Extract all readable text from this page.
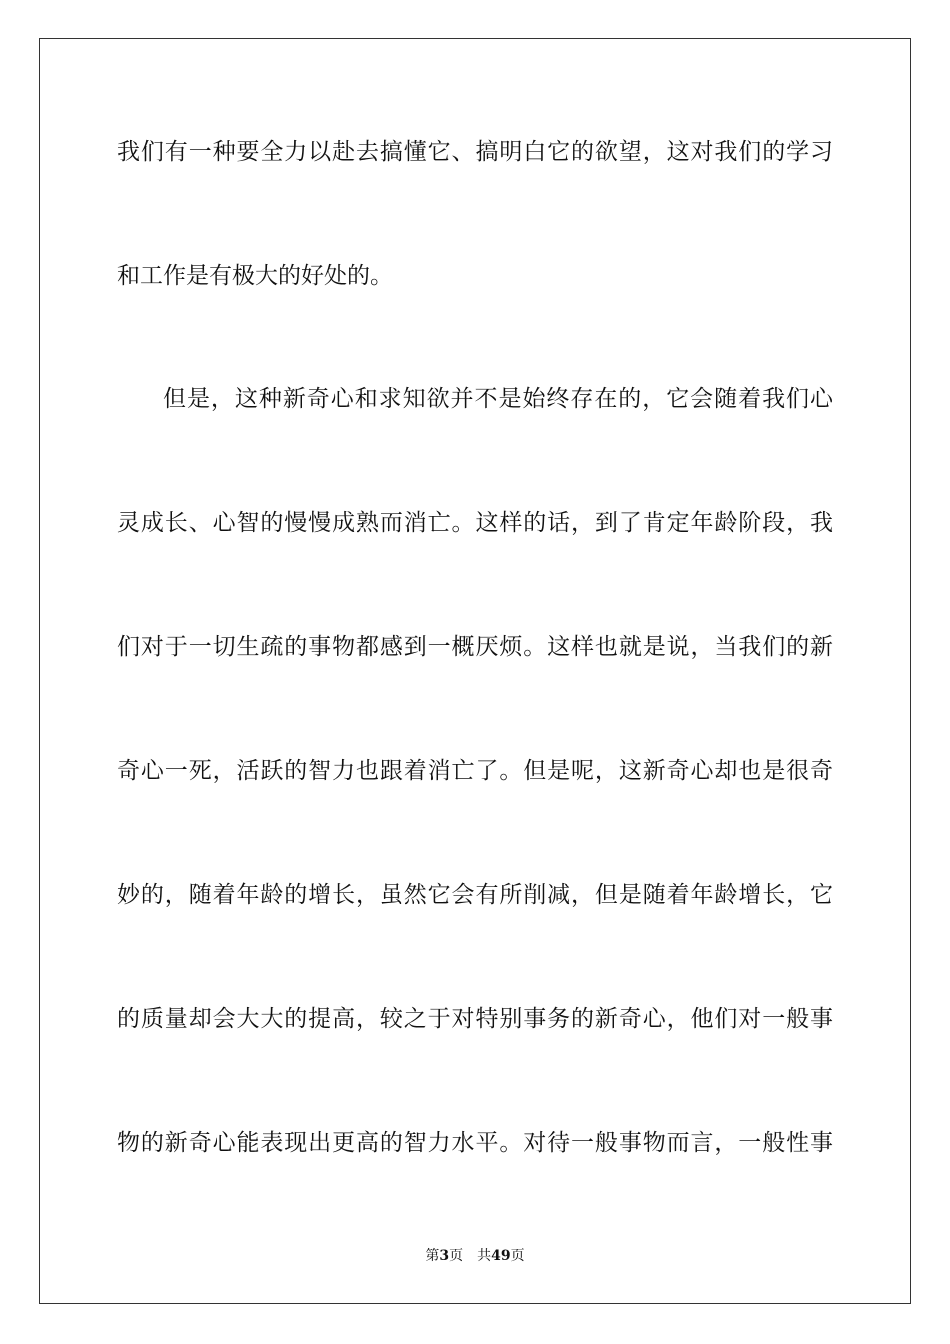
我们有一种要全力以赴去搞懂它、搞明白它的欲望，这对我们的学习
和工作是有极大的好处的。
但是，这种新奇心和求知欲并不是始终存在的，它会随着我们心
灵成长、心智的慢慢成熟而消亡。这样的话，到了肯定年龄阶段，我
们对于一切生疏的事物都感到一概厌烦。这样也就是说，当我们的新
奇心一死，活跃的智力也跟着消亡了。但是呢，这新奇心却也是很奇
妙的，随着年龄的增长，虽然它会有所削减，但是随着年龄增长，它
的质量却会大大的提高，较之于对特别事务的新奇心，他们对一般事
物的新奇心能表现出更高的智力水平。对待一般事物而言，一般性事
第3页 共49页
